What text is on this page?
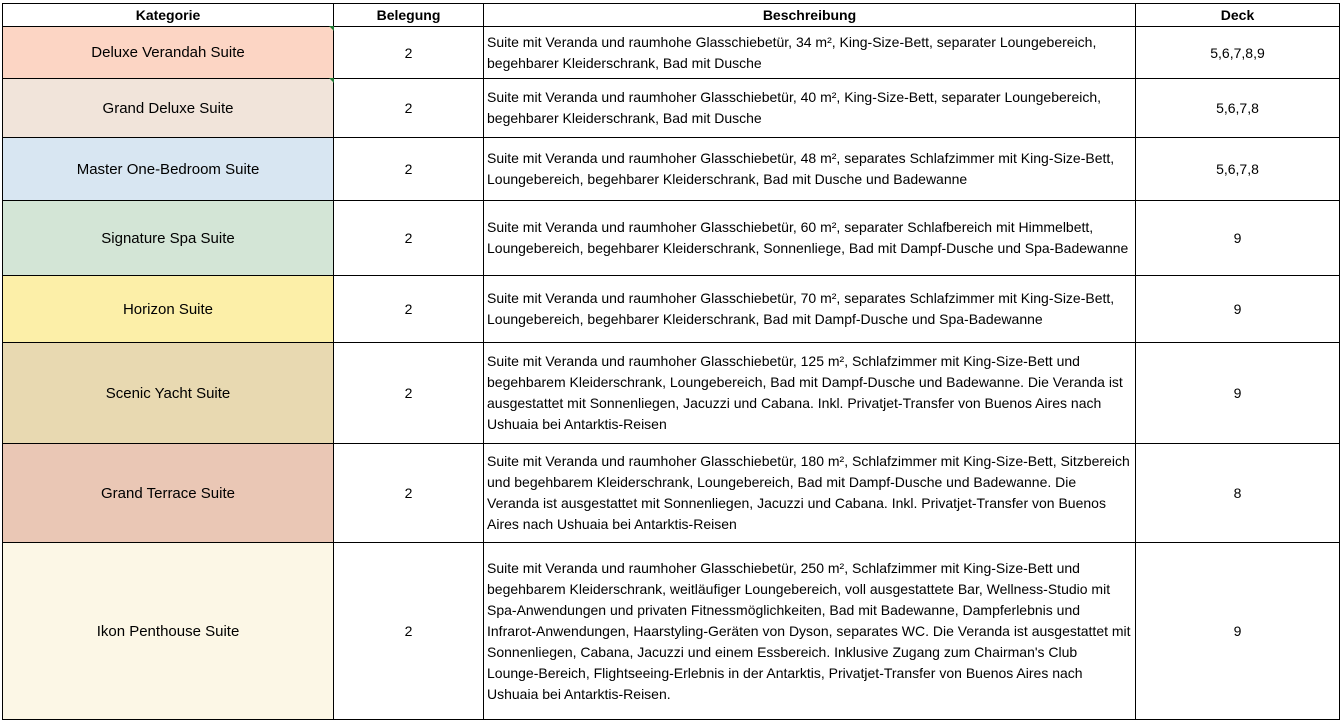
Kategorie	Belegung	Beschreibung	Deck
Deluxe Verandah Suite	2	Suite mit Veranda und raumhohe Glasschiebetür, 34 m², King-Size-Bett, separater Loungebereich, begehbarer Kleiderschrank, Bad mit Dusche	5,6,7,8,9
Grand Deluxe Suite	2	Suite mit Veranda und raumhoher Glasschiebetür, 40 m², King-Size-Bett, separater Loungebereich, begehbarer Kleiderschrank, Bad mit Dusche	5,6,7,8
Master One-Bedroom Suite	2	Suite mit Veranda und raumhoher Glasschiebetür, 48 m², separates Schlafzimmer mit King-Size-Bett, Loungebereich, begehbarer Kleiderschrank, Bad mit Dusche und Badewanne	5,6,7,8
Signature Spa Suite	2	Suite mit Veranda und raumhoher Glasschiebetür, 60 m², separater Schlafbereich mit Himmelbett, Loungebereich, begehbarer Kleiderschrank, Sonnenliege, Bad mit Dampf-Dusche und Spa-Badewanne	9
Horizon Suite	2	Suite mit Veranda und raumhoher Glasschiebetür, 70 m², separates Schlafzimmer mit King-Size-Bett, Loungebereich, begehbarer Kleiderschrank, Bad mit Dampf-Dusche und Spa-Badewanne	9
Scenic Yacht Suite	2	Suite mit Veranda und raumhoher Glasschiebetür, 125 m², Schlafzimmer mit King-Size-Bett und begehbarem Kleiderschrank, Loungebereich, Bad mit Dampf-Dusche und Badewanne. Die Veranda ist ausgestattet mit Sonnenliegen, Jacuzzi und Cabana. Inkl. Privatjet-Transfer von Buenos Aires nach Ushuaia bei Antarktis-Reisen	9
Grand Terrace Suite	2	Suite mit Veranda und raumhoher Glasschiebetür, 180 m², Schlafzimmer mit King-Size-Bett, Sitzbereich und begehbarem Kleiderschrank, Loungebereich, Bad mit Dampf-Dusche und Badewanne. Die Veranda ist ausgestattet mit Sonnenliegen, Jacuzzi und Cabana. Inkl. Privatjet-Transfer von Buenos Aires nach Ushuaia bei Antarktis-Reisen	8
Ikon Penthouse Suite	2	Suite mit Veranda und raumhoher Glasschiebetür, 250 m², Schlafzimmer mit King-Size-Bett und begehbarem Kleiderschrank, weitläufiger Loungebereich, voll ausgestattete Bar, Wellness-Studio mit Spa-Anwendungen und privaten Fitnessmöglichkeiten, Bad mit Badewanne, Dampferlebnis und Infrarot-Anwendungen, Haarstyling-Geräten von Dyson, separates WC. Die Veranda ist ausgestattet mit Sonnenliegen, Cabana, Jacuzzi und einem Essbereich. Inklusive Zugang zum Chairman's Club Lounge-Bereich, Flightseeing-Erlebnis in der Antarktis, Privatjet-Transfer von Buenos Aires nach Ushuaia bei Antarktis-Reisen.	9
